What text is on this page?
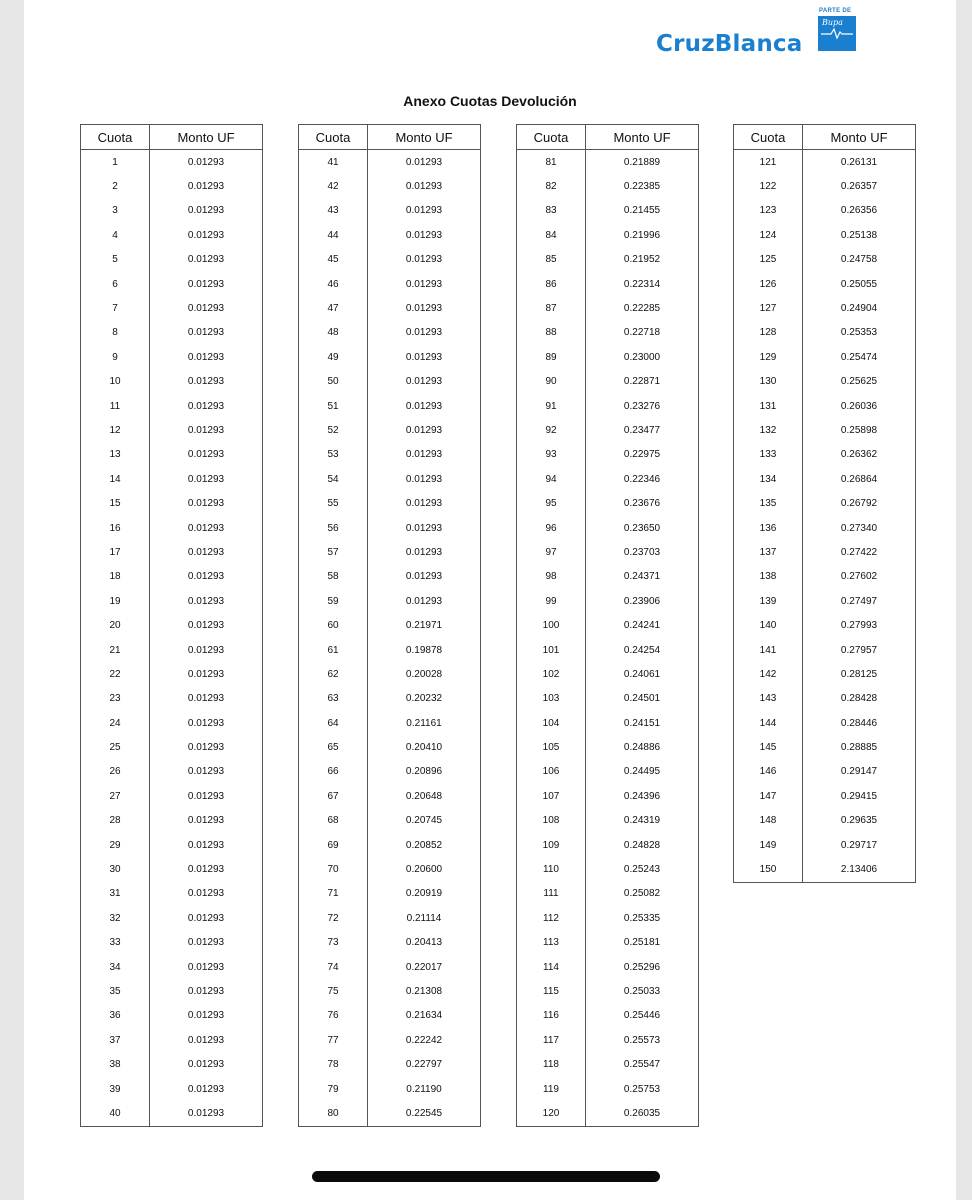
CruzBlanca
PARTE DE
Bupa
Anexo Cuotas Devolución
Cuota	Monto UF
1	0.01293
2	0.01293
3	0.01293
4	0.01293
5	0.01293
6	0.01293
7	0.01293
8	0.01293
9	0.01293
10	0.01293
11	0.01293
12	0.01293
13	0.01293
14	0.01293
15	0.01293
16	0.01293
17	0.01293
18	0.01293
19	0.01293
20	0.01293
21	0.01293
22	0.01293
23	0.01293
24	0.01293
25	0.01293
26	0.01293
27	0.01293
28	0.01293
29	0.01293
30	0.01293
31	0.01293
32	0.01293
33	0.01293
34	0.01293
35	0.01293
36	0.01293
37	0.01293
38	0.01293
39	0.01293
40	0.01293
Cuota	Monto UF
41	0.01293
42	0.01293
43	0.01293
44	0.01293
45	0.01293
46	0.01293
47	0.01293
48	0.01293
49	0.01293
50	0.01293
51	0.01293
52	0.01293
53	0.01293
54	0.01293
55	0.01293
56	0.01293
57	0.01293
58	0.01293
59	0.01293
60	0.21971
61	0.19878
62	0.20028
63	0.20232
64	0.21161
65	0.20410
66	0.20896
67	0.20648
68	0.20745
69	0.20852
70	0.20600
71	0.20919
72	0.21114
73	0.20413
74	0.22017
75	0.21308
76	0.21634
77	0.22242
78	0.22797
79	0.21190
80	0.22545
Cuota	Monto UF
81	0.21889
82	0.22385
83	0.21455
84	0.21996
85	0.21952
86	0.22314
87	0.22285
88	0.22718
89	0.23000
90	0.22871
91	0.23276
92	0.23477
93	0.22975
94	0.22346
95	0.23676
96	0.23650
97	0.23703
98	0.24371
99	0.23906
100	0.24241
101	0.24254
102	0.24061
103	0.24501
104	0.24151
105	0.24886
106	0.24495
107	0.24396
108	0.24319
109	0.24828
110	0.25243
111	0.25082
112	0.25335
113	0.25181
114	0.25296
115	0.25033
116	0.25446
117	0.25573
118	0.25547
119	0.25753
120	0.26035
Cuota	Monto UF
121	0.26131
122	0.26357
123	0.26356
124	0.25138
125	0.24758
126	0.25055
127	0.24904
128	0.25353
129	0.25474
130	0.25625
131	0.26036
132	0.25898
133	0.26362
134	0.26864
135	0.26792
136	0.27340
137	0.27422
138	0.27602
139	0.27497
140	0.27993
141	0.27957
142	0.28125
143	0.28428
144	0.28446
145	0.28885
146	0.29147
147	0.29415
148	0.29635
149	0.29717
150	2.13406
